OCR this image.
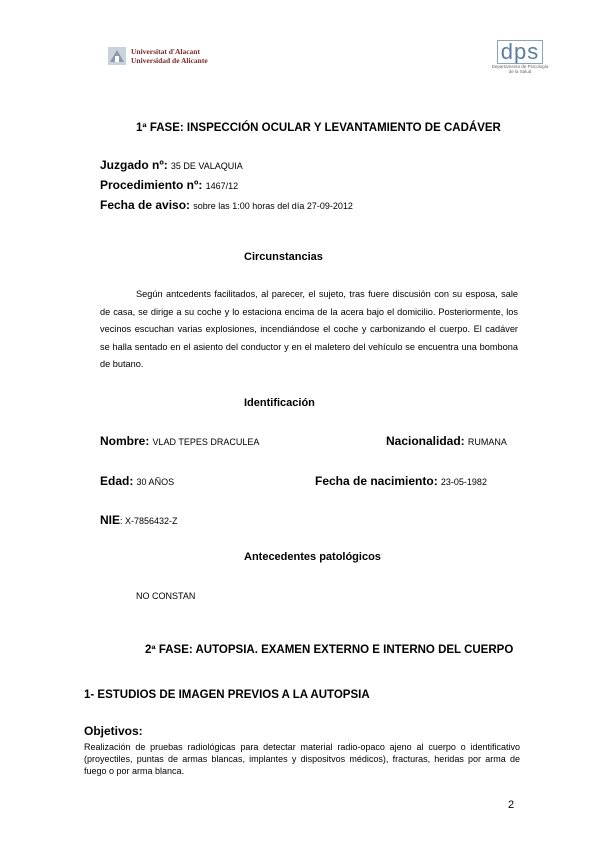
Universitat d'Alacant
Universidad de Alicante	dps
Departamento de Psicología de la Salud
1ª FASE: INSPECCIÓN OCULAR Y LEVANTAMIENTO DE CADÁVER
Juzgado nº: 35 DE VALAQUIA
Procedimiento nº: 1467/12
Fecha de aviso: sobre las 1:00 horas del día 27-09-2012
Circunstancias
Según antcedents facilitados, al parecer, el sujeto, tras fuere discusión con su esposa, sale de casa, se dirige a su coche y lo estaciona encima de la acera bajo el domicilio. Posteriormente, los vecinos escuchan varias explosiones, incendiándose el coche y carbonizando el cuerpo. El cadáver se halla sentado en el asiento del conductor y en el maletero del vehículo se encuentra una bombona de butano.
Identificación
Nombre: VLAD TEPES DRACULEA	Nacionalidad: RUMANA
Edad: 30 AÑOS	Fecha de nacimiento: 23-05-1982
NIE: X-7856432-Z
Antecedentes patológicos
NO CONSTAN
2ª FASE: AUTOPSIA. EXAMEN EXTERNO E INTERNO DEL CUERPO
1- ESTUDIOS DE IMAGEN PREVIOS A LA AUTOPSIA
Objetivos:
Realización de pruebas radiológicas para detectar material radio-opaco ajeno al cuerpo o identificativo (proyectiles, puntas de armas blancas, implantes y dispositvos médicos), fracturas, heridas por arma de fuego o por arma blanca.
2
